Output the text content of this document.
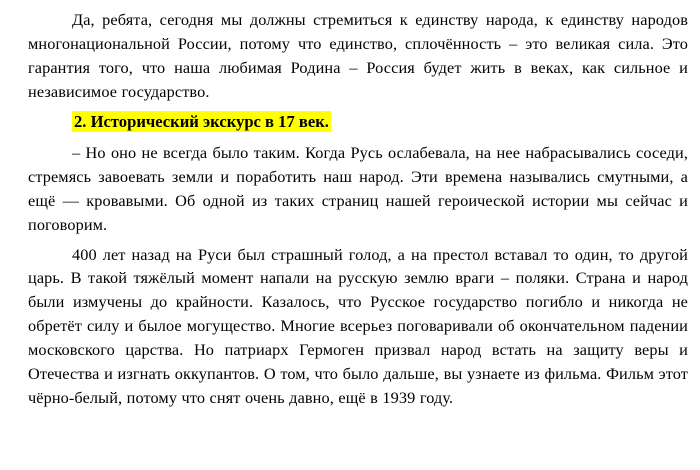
Да, ребята, сегодня мы должны стремиться к единству народа, к единству народов многонациональной России, потому что единство, сплочённость – это великая сила. Это гарантия того, что наша любимая Родина – Россия будет жить в веках, как сильное и независимое государство.

2. Исторический экскурс в 17 век.

– Но оно не всегда было таким. Когда Русь ослабевала, на нее набрасывались соседи, стремясь завоевать земли и поработить наш народ. Эти времена назывались смутными, а ещё — кровавыми. Об одной из таких страниц нашей героической истории мы сейчас и поговорим.

400 лет назад на Руси был страшный голод, а на престол вставал то один, то другой царь. В такой тяжёлый момент напали на русскую землю враги – поляки. Страна и народ были измучены до крайности. Казалось, что Русское государство погибло и никогда не обретёт силу и былое могущество. Многие всерьез поговаривали об окончательном падении московского царства. Но патриарх Гермоген призвал народ встать на защиту веры и Отечества и изгнать оккупантов. О том, что было дальше, вы узнаете из фильма. Фильм этот чёрно-белый, потому что снят очень давно, ещё в 1939 году.
